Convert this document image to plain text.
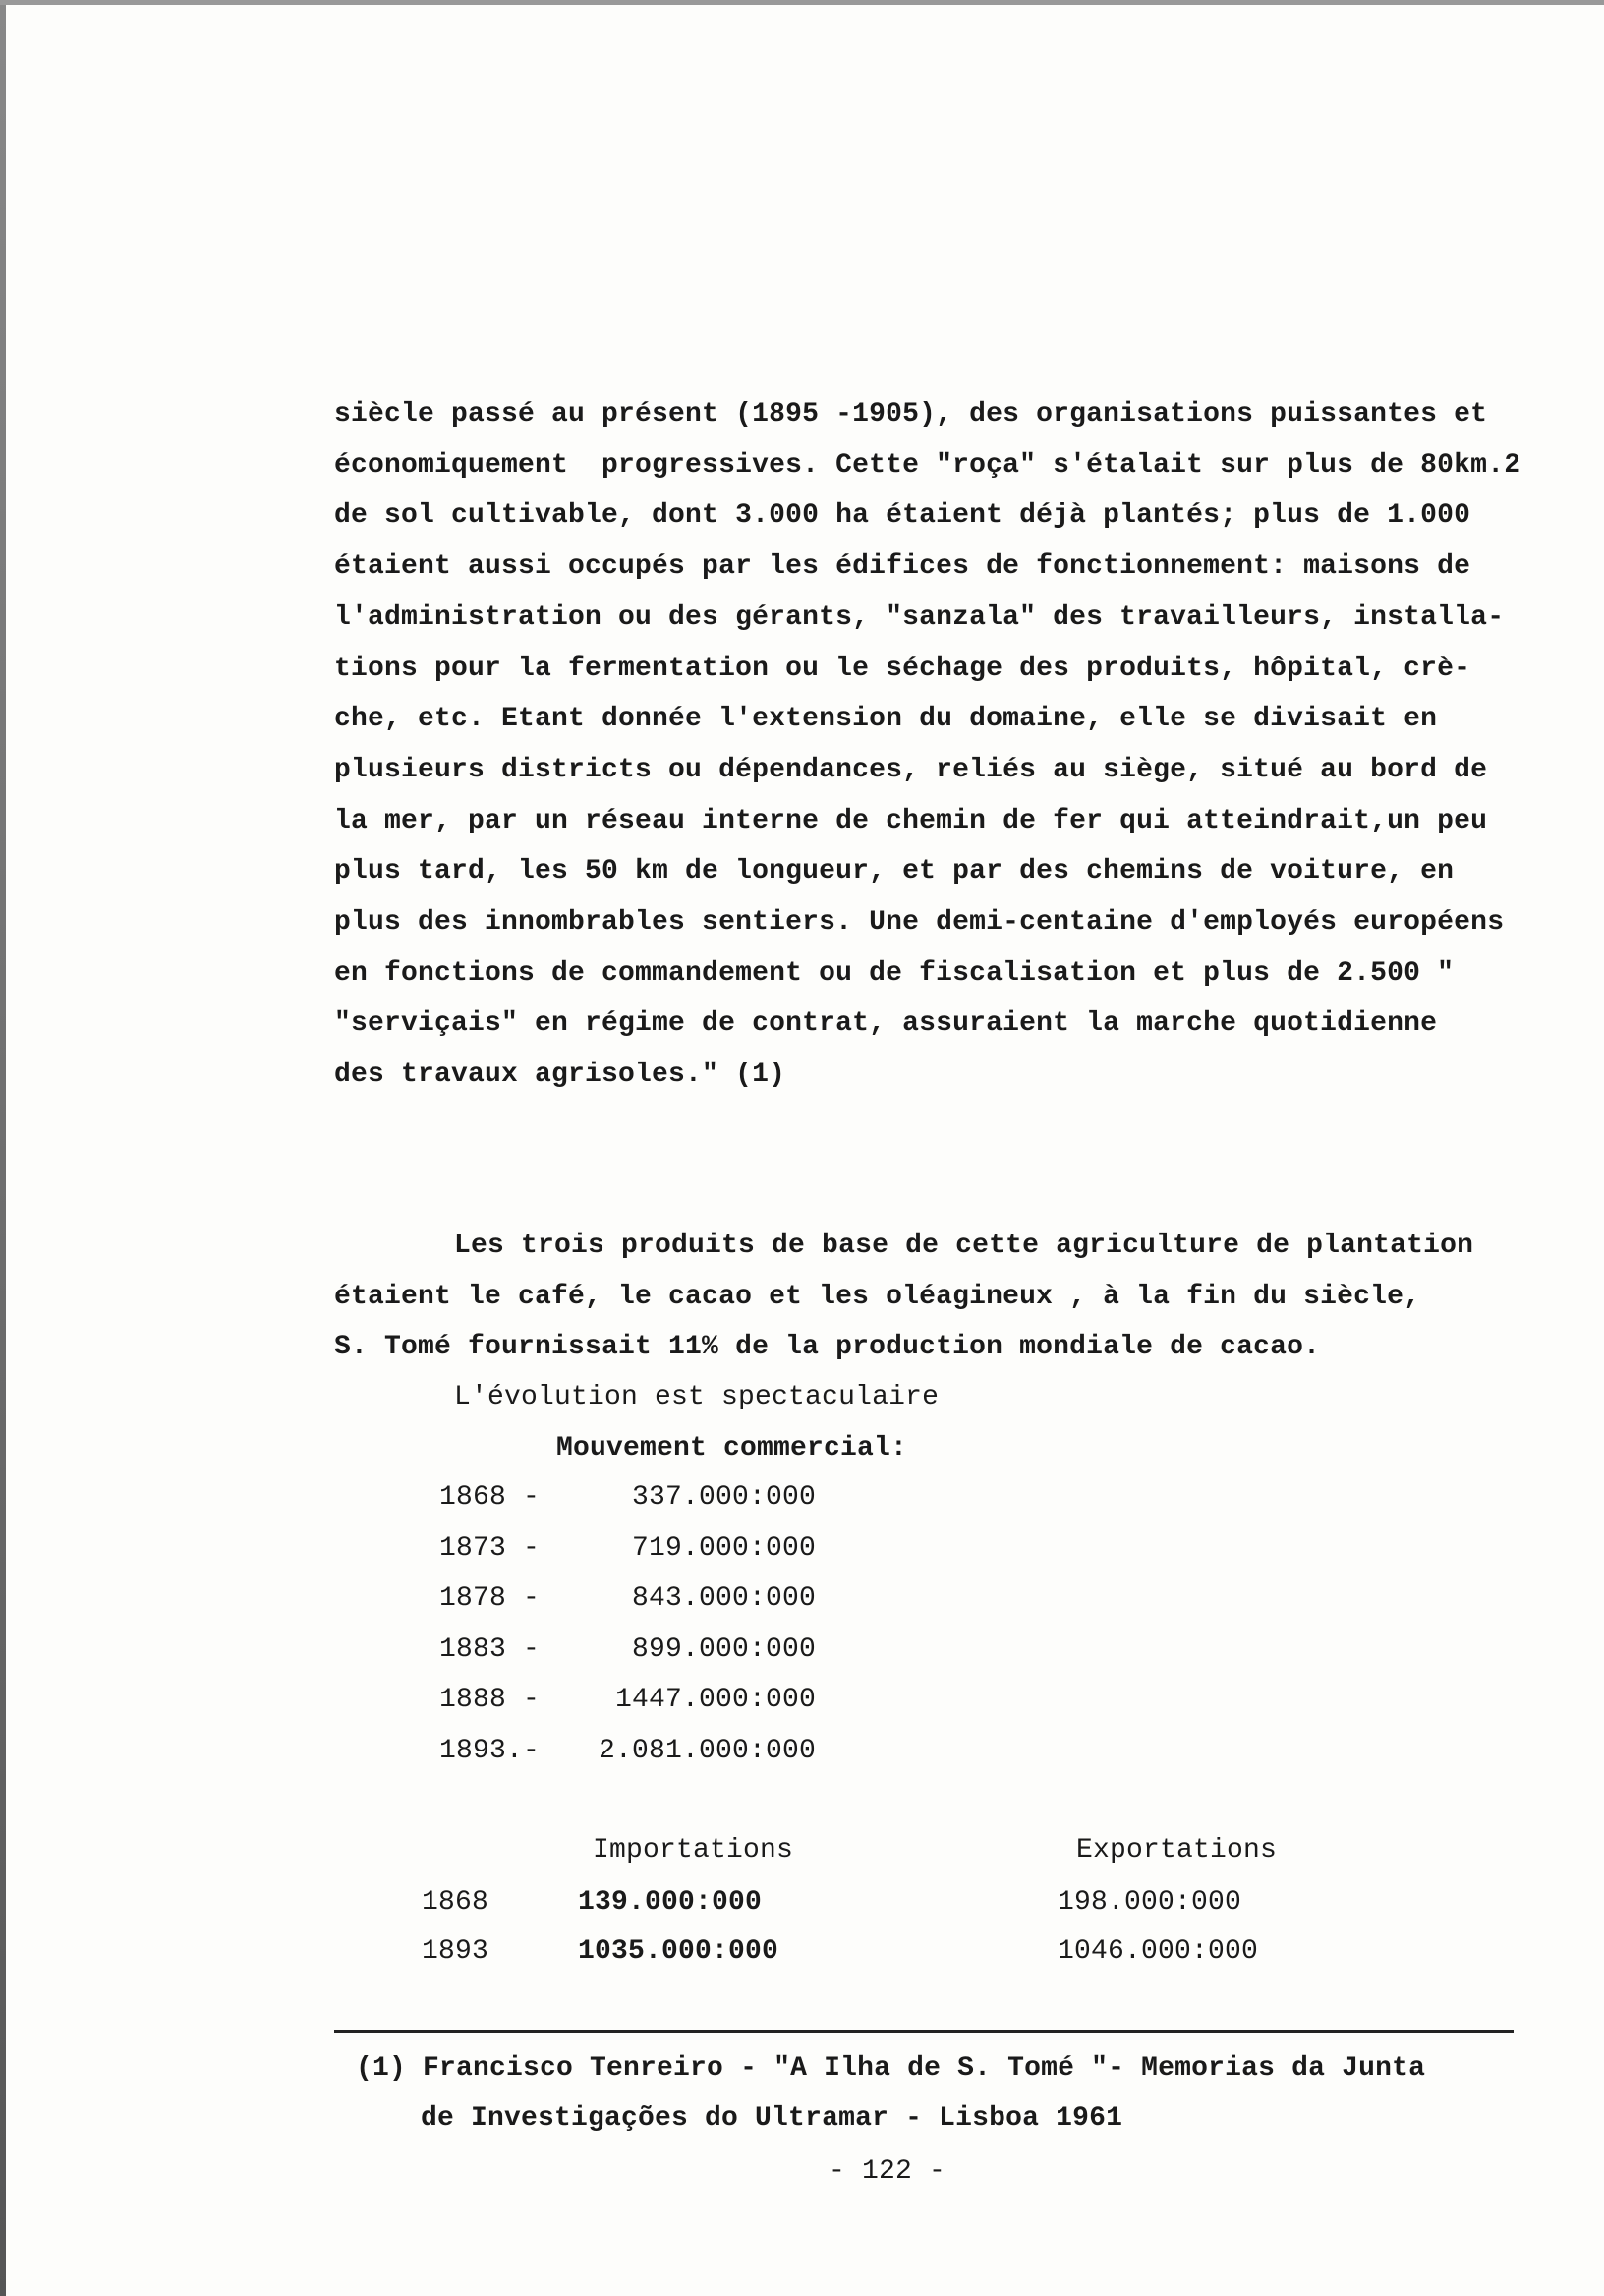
siècle passé au présent (1895 -1905), des organisations puissantes et
économiquement  progressives. Cette "roça" s'étalait sur plus de 80km.2
de sol cultivable, dont 3.000 ha étaient déjà plantés; plus de 1.000
étaient aussi occupés par les édifices de fonctionnement: maisons de
l'administration ou des gérants, "sanzala" des travailleurs, installa-
tions pour la fermentation ou le séchage des produits, hôpital, crè-
che, etc. Etant donnée l'extension du domaine, elle se divisait en
plusieurs districts ou dépendances, reliés au siège, situé au bord de
la mer, par un réseau interne de chemin de fer qui atteindrait,un peu
plus tard, les 50 km de longueur, et par des chemins de voiture, en
plus des innombrables sentiers. Une demi-centaine d'employés européens
en fonctions de commandement ou de fiscalisation et plus de 2.500 "
"serviçais" en régime de contrat, assuraient la marche quotidienne
des travaux agrisoles." (1)
Les trois produits de base de cette agriculture de plantation
étaient le café, le cacao et les oléagineux , à la fin du siècle,
S. Tomé fournissait 11% de la production mondiale de cacao.
L'évolution est spectaculaire
Mouvement commercial:
1868 -	337.000:000
1873 -	719.000:000
1878 -	843.000:000
1883 -	899.000:000
1888 -	1447.000:000
1893.-	2.081.000:000
Importations	Exportations
1868	139.000:000	198.000:000
1893	1035.000:000	1046.000:000
(1) Francisco Tenreiro - "A Ilha de S. Tomé "- Memorias da Junta
de Investigações do Ultramar - Lisboa 1961
- 122 -
